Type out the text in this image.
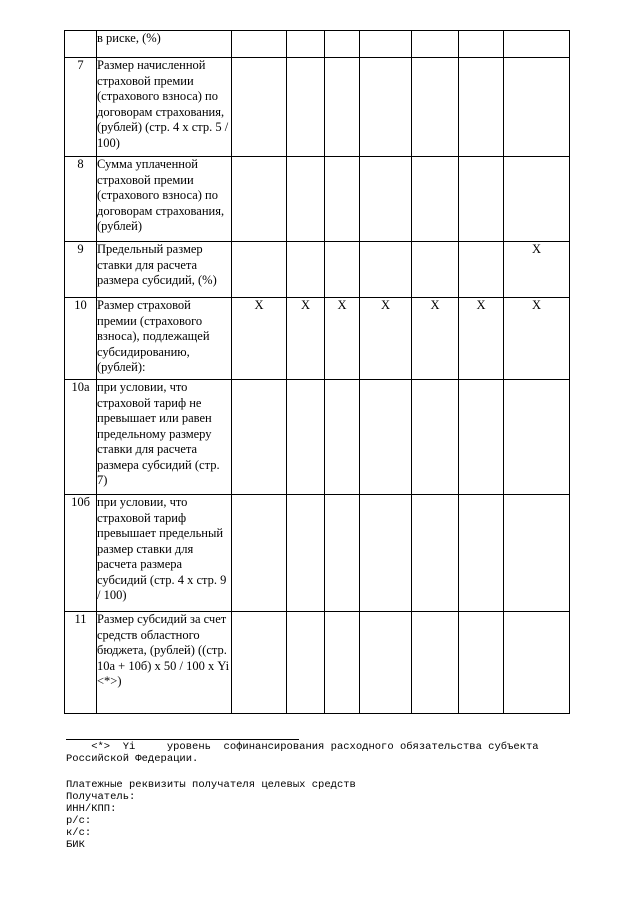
	в риске, (%)							
7	Размер начисленной страховой премии (страхового взноса) по договорам страхования, (рублей) (стр. 4 х стр. 5 / 100)							
8	Сумма уплаченной страховой премии (страхового взноса) по договорам страхования, (рублей)							
9	Предельный размер ставки для расчета размера субсидий, (%)							Х
10	Размер страховой премии (страхового взноса), подлежащей субсидированию, (рублей):	Х	Х	Х	Х	Х	Х	Х
10а	при условии, что страховой тариф не превышает или равен предельному размеру ставки для расчета размера субсидий (стр. 7)							
10б	при условии, что страховой тариф превышает предельный размер ставки для расчета размера субсидий (стр. 4 х стр. 9 / 100)							
11	Размер субсидий за счет средств областного бюджета, (рублей) ((стр. 10а + 10б) х 50 / 100 х Yi <*>)							
<*>  Yi     уровень  софинансирования расходного обязательства субъекта
Российской Федерации.
Платежные реквизиты получателя целевых средств
Получатель:
ИНН/КПП:
р/с:
к/с:
БИК
